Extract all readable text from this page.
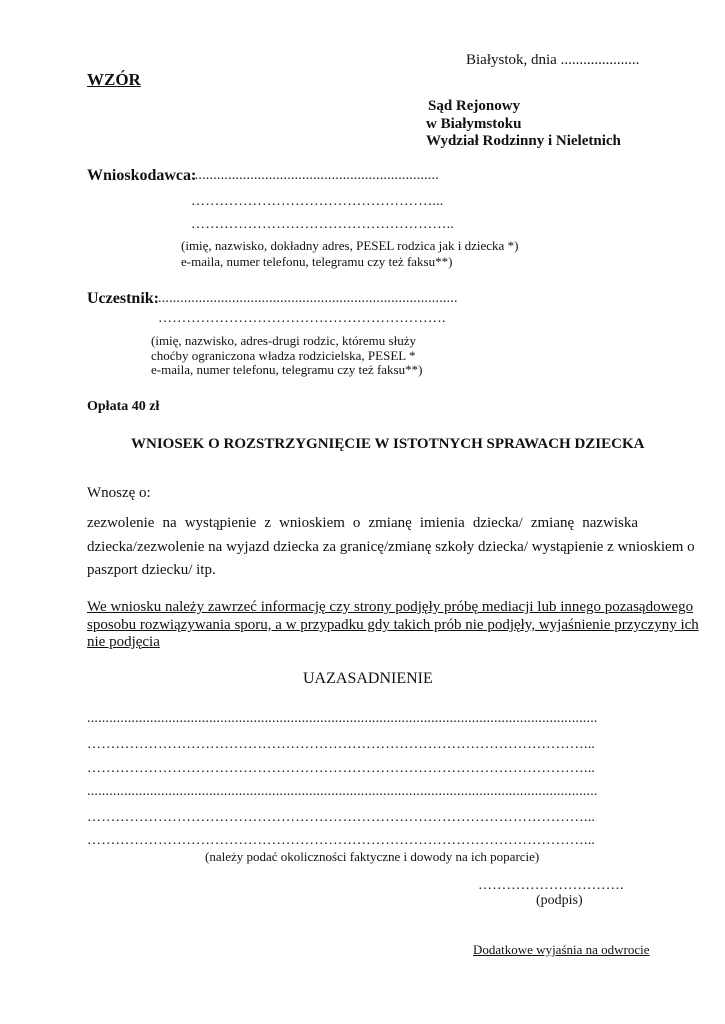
Białystok, dnia .....................
WZÓR
Sąd Rejonowy
w Białymstoku
Wydział Rodzinny i Nieletnich
Wnioskodawca:
...................................................................
……………………………………………...
………………………………………………..
(imię, nazwisko, dokładny adres, PESEL rodzica jak i dziecka *)
e-maila, numer telefonu, telegramu czy też faksu**)
Uczestnik: .................................................................................
…………………………………………………….
(imię, nazwisko, adres-drugi rodzic, któremu służy
choćby ograniczona władza rodzicielska, PESEL *
e-maila, numer telefonu, telegramu czy też faksu**)
Opłata 40 zł
WNIOSEK O ROZSTRZYGNIĘCIE W ISTOTNYCH SPRAWACH DZIECKA
Wnoszę o:
zezwolenie na wystąpienie z wnioskiem o zmianę imienia dziecka/ zmianę nazwiska
dziecka/zezwolenie na wyjazd dziecka za granicę/zmianę szkoły dziecka/ wystąpienie z wnioskiem o
paszport dziecku/ itp.
We wniosku należy zawrzeć informację czy strony podjęły próbę mediacji lub innego pozasądowego
sposobu rozwiązywania sporu, a w przypadku gdy takich prób nie podjęły, wyjaśnienie przyczyny ich
nie podjęcia
UAZASADNIENIE
..........................................................................................................................................
……………………………………………………………………………………………...
……………………………………………………………………………………………...
..........................................................................................................................................
……………………………………………………………………………………………...
……………………………………………………………………………………………...
(należy podać okoliczności faktyczne i dowody na ich poparcie)
………………………….
(podpis)
Dodatkowe wyjaśnia na odwrocie
